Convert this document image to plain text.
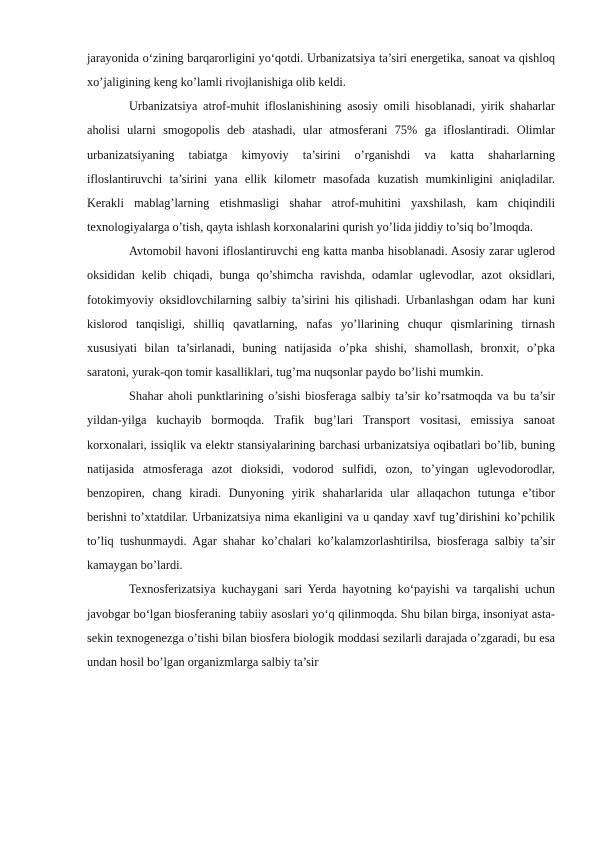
jarayonida o‘zining barqarorligini yo‘qotdi. Urbanizatsiya ta’siri energetika, sanoat va qishloq xo’jaligining keng ko’lamli rivojlanishiga olib keldi.

Urbanizatsiya atrof-muhit ifloslanishining asosiy omili hisoblanadi, yirik shaharlar aholisi ularni smogopolis deb atashadi, ular atmosferani 75% ga ifloslantiradi. Olimlar urbanizatsiyaning tabiatga kimyoviy ta’sirini o’rganishdi va katta shaharlarning ifloslantiruvchi ta’sirini yana ellik kilometr masofada kuzatish mumkinligini aniqladilar. Kerakli mablag’larning etishmasligi shahar atrof-muhitini yaxshilash, kam chiqindili texnologiyalarga o’tish, qayta ishlash korxonalarini qurish yo’lida jiddiy to’siq bo’lmoqda.

Avtomobil havoni ifloslantiruvchi eng katta manba hisoblanadi. Asosiy zarar uglerod oksididan kelib chiqadi, bunga qo’shimcha ravishda, odamlar uglevodlar, azot oksidlari, fotokimyoviy oksidlovchilarning salbiy ta’sirini his qilishadi. Urbanlashgan odam har kuni kislorod tanqisligi, shilliq qavatlarning, nafas yo’llarining chuqur qismlarining tirnash xususiyati bilan ta’sirlanadi, buning natijasida o’pka shishi, shamollash, bronxit, o’pka saratoni, yurak-qon tomir kasalliklari, tug’ma nuqsonlar paydo bo’lishi mumkin.

Shahar aholi punktlarining o’sishi biosferaga salbiy ta’sir ko’rsatmoqda va bu ta’sir yildan-yilga kuchayib bormoqda. Trafik bug’lari Transport vositasi, emissiya sanoat korxonalari, issiqlik va elektr stansiyalarining barchasi urbanizatsiya oqibatlari bo’lib, buning natijasida atmosferaga azot dioksidi, vodorod sulfidi, ozon, to’yingan uglevodorodlar, benzopiren, chang kiradi. Dunyoning yirik shaharlarida ular allaqachon tutunga e’tibor berishni to’xtatdilar. Urbanizatsiya nima ekanligini va u qanday xavf tug’dirishini ko’pchilik to’liq tushunmaydi. Agar shahar ko’chalari ko’kalamzorlashtirilsa, biosferaga salbiy ta’sir kamaygan bo’lardi.

Texnosferizatsiya kuchaygani sari Yerda hayotning ko‘payishi va tarqalishi uchun javobgar bo‘lgan biosferaning tabiiy asoslari yo‘q qilinmoqda. Shu bilan birga, insoniyat asta-sekin texnogenezga o’tishi bilan biosfera biologik moddasi sezilarli darajada o’zgaradi, bu esa undan hosil bo’lgan organizmlarga salbiy ta’sir
